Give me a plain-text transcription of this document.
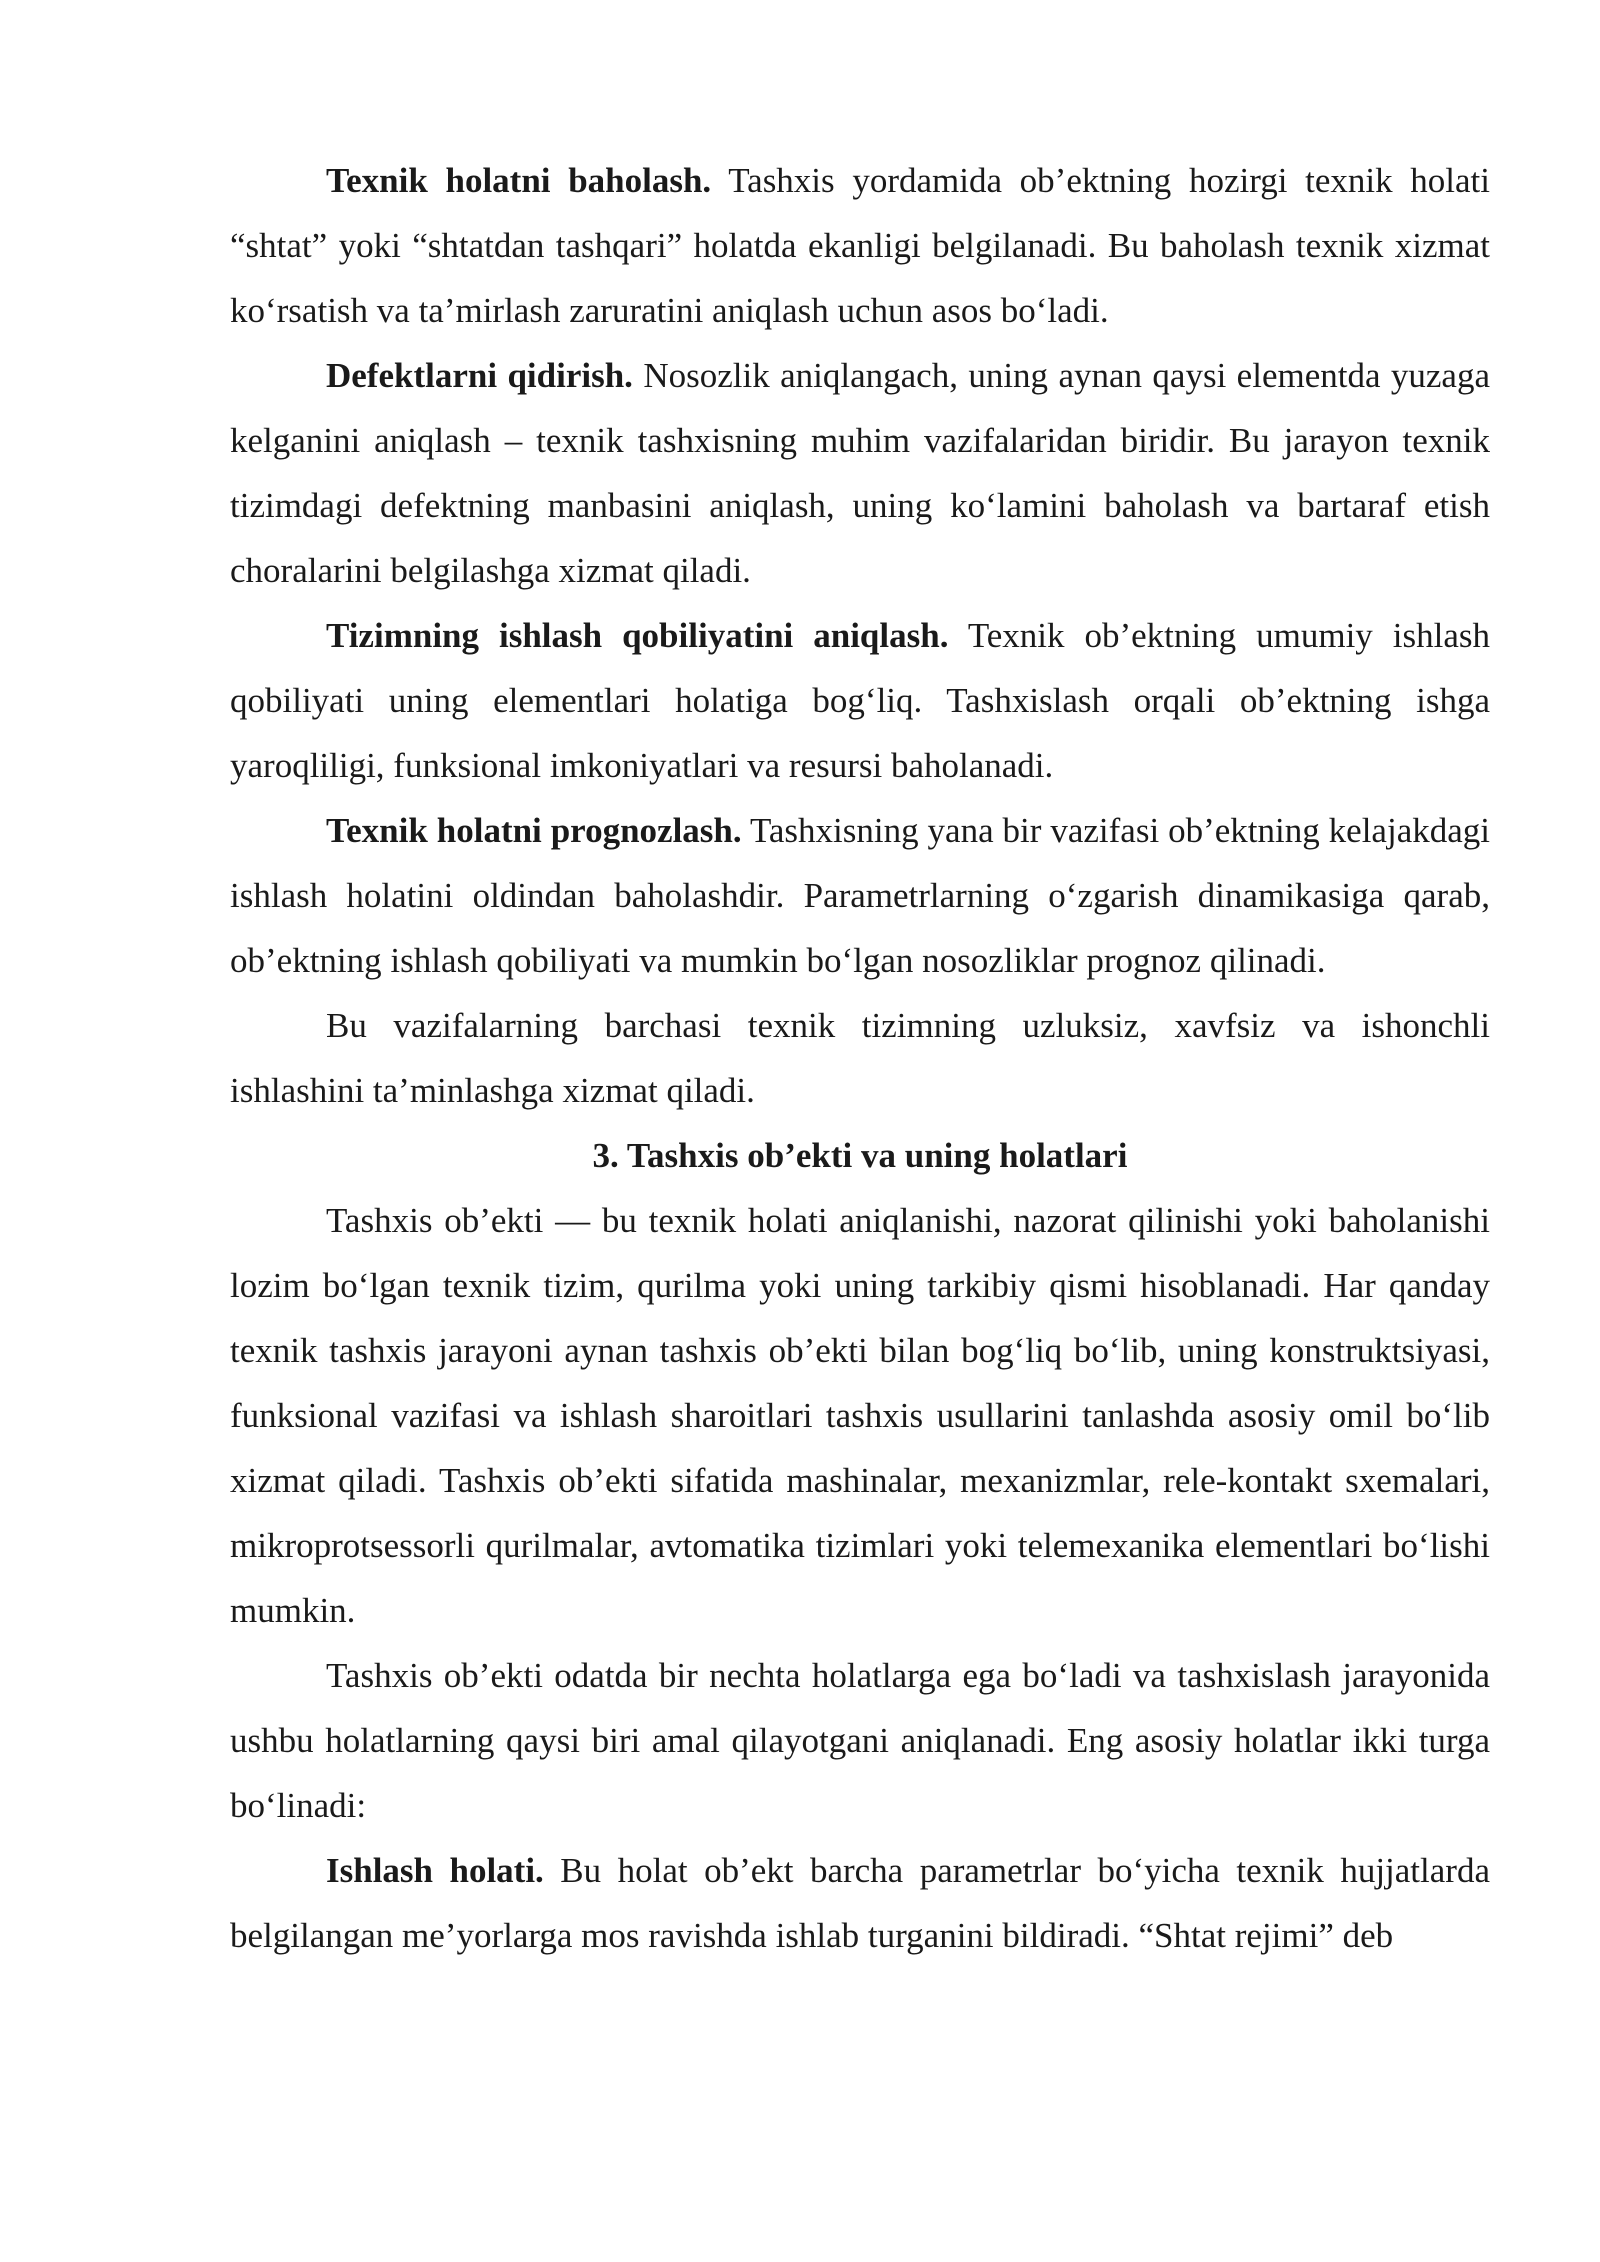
Texnik holatni baholash. Tashxis yordamida ob’ektning hozirgi texnik holati “shtat” yoki “shtatdan tashqari” holatda ekanligi belgilanadi. Bu baholash texnik xizmat ko‘rsatish va ta’mirlash zaruratini aniqlash uchun asos bo‘ladi.

Defektlarni qidirish. Nosozlik aniqlangach, uning aynan qaysi elementda yuzaga kelganini aniqlash – texnik tashxisning muhim vazifalaridan biridir. Bu jarayon texnik tizimdagi defektning manbasini aniqlash, uning ko‘lamini baholash va bartaraf etish choralarini belgilashga xizmat qiladi.

Tizimning ishlash qobiliyatini aniqlash. Texnik ob’ektning umumiy ishlash qobiliyati uning elementlari holatiga bog‘liq. Tashxislash orqali ob’ektning ishga yaroqliligi, funksional imkoniyatlari va resursi baholanadi.

Texnik holatni prognozlash. Tashxisning yana bir vazifasi ob’ektning kelajakdagi ishlash holatini oldindan baholashdir. Parametrlarning o‘zgarish dinamikasiga qarab, ob’ektning ishlash qobiliyati va mumkin bo‘lgan nosozliklar prognoz qilinadi.

Bu vazifalarning barchasi texnik tizimning uzluksiz, xavfsiz va ishonchli ishlashini ta’minlashga xizmat qiladi.

3. Tashxis ob’ekti va uning holatlari

Tashxis ob’ekti — bu texnik holati aniqlanishi, nazorat qilinishi yoki baholanishi lozim bo‘lgan texnik tizim, qurilma yoki uning tarkibiy qismi hisoblanadi. Har qanday texnik tashxis jarayoni aynan tashxis ob’ekti bilan bog‘liq bo‘lib, uning konstruktsiyasi, funksional vazifasi va ishlash sharoitlari tashxis usullarini tanlashda asosiy omil bo‘lib xizmat qiladi. Tashxis ob’ekti sifatida mashinalar, mexanizmlar, rele-kontakt sxemalari, mikroprotsessorli qurilmalar, avtomatika tizimlari yoki telemexanika elementlari bo‘lishi mumkin.

Tashxis ob’ekti odatda bir nechta holatlarga ega bo‘ladi va tashxislash jarayonida ushbu holatlarning qaysi biri amal qilayotgani aniqlanadi. Eng asosiy holatlar ikki turga bo‘linadi:

Ishlash holati. Bu holat ob’ekt barcha parametrlar bo‘yicha texnik hujjatlarda belgilangan me’yorlarga mos ravishda ishlab turganini bildiradi. “Shtat rejimi” deb
